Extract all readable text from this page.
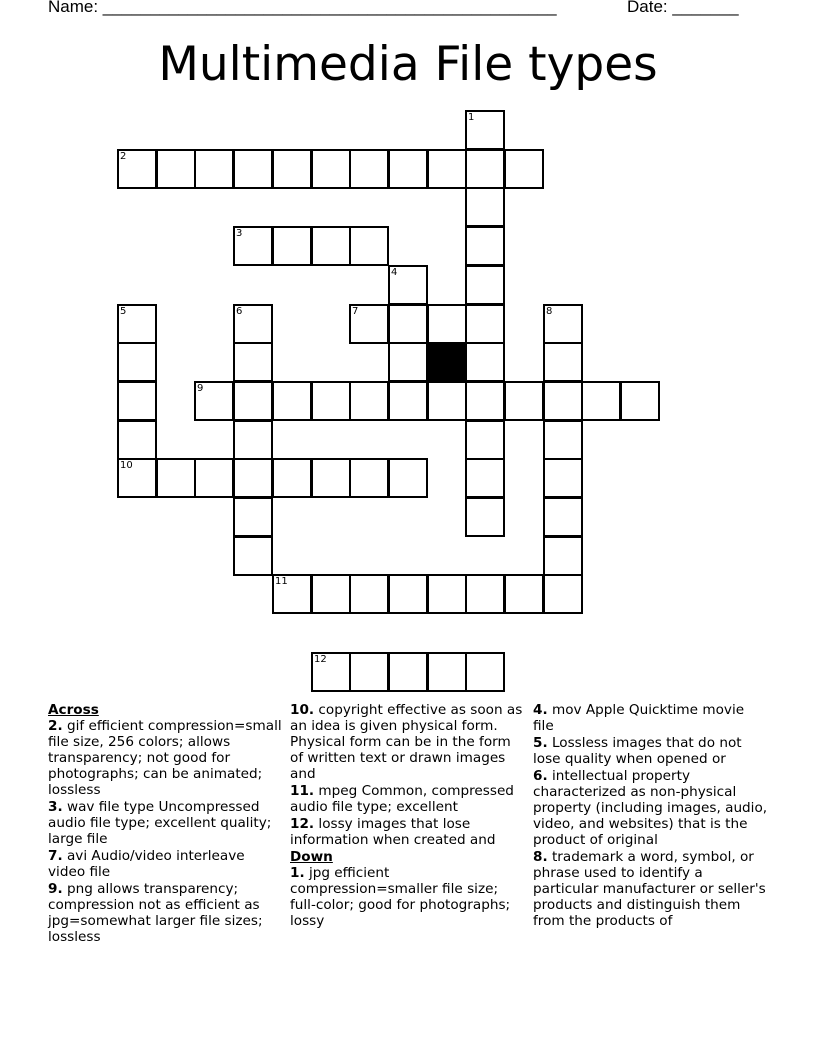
Name: ________________________________________________	Date: _______
Multimedia File types
1
2
3
4
5
10
6	7	8
9
11
12
Across
2. gif efficient compression=small file size, 256 colors; allows transparency; not good for photographs; can be animated; lossless
3. wav file type Uncompressed audio file type; excellent quality; large file
7. avi Audio/video interleave video file
9. png allows transparency; compression not as efficient as jpg=somewhat larger file sizes; lossless
10. copyright effective as soon as an idea is given physical form. Physical form can be in the form of written text or drawn images and
11. mpeg Common, compressed audio file type; excellent
12. lossy images that lose information when created and
Down
1. jpg efficient compression=smaller file size; full-color; good for photographs; lossy
4. mov Apple Quicktime movie file
5. Lossless images that do not lose quality when opened or
6. intellectual property characterized as non-physical property (including images, audio, video, and websites) that is the product of original
8. trademark a word, symbol, or phrase used to identify a particular manufacturer or seller's products and distinguish them from the products of
